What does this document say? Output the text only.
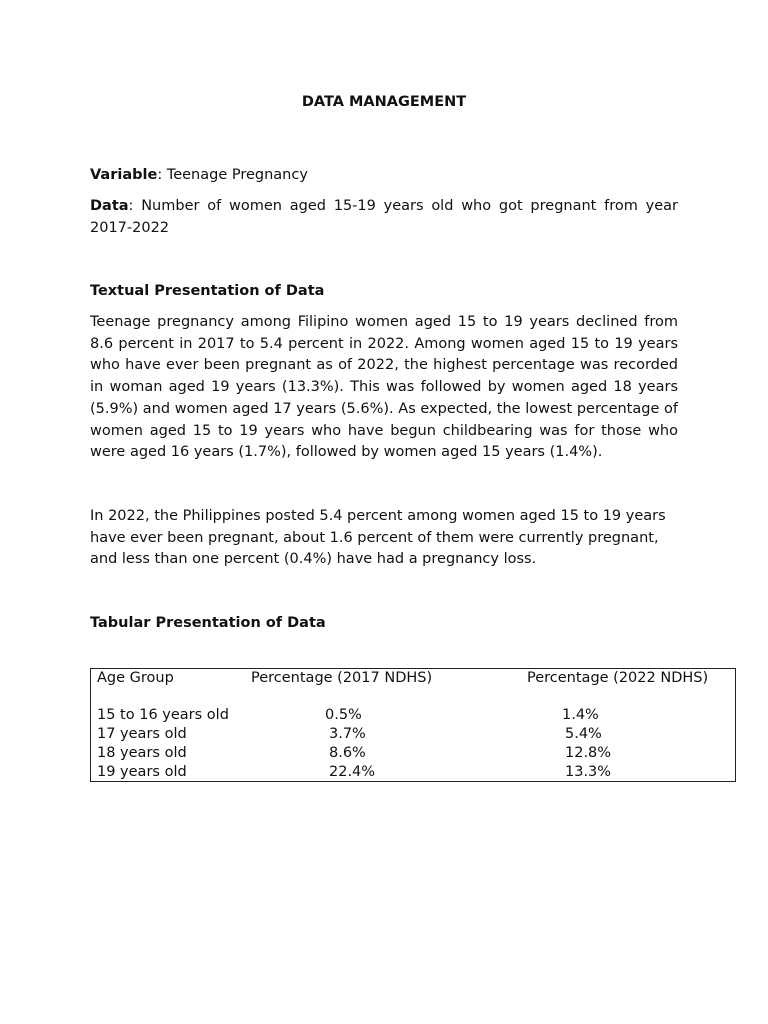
DATA MANAGEMENT
Variable: Teenage Pregnancy
Data: Number of women aged 15-19 years old who got pregnant from year 2017-2022
Textual Presentation of Data

Teenage pregnancy among Filipino women aged 15 to 19 years declined from 8.6 percent in 2017 to 5.4 percent in 2022. Among women aged 15 to 19 years who have ever been pregnant as of 2022, the highest percentage was recorded in woman aged 19 years (13.3%). This was followed by women aged 18 years (5.9%) and women aged 17 years (5.6%). As expected, the lowest percentage of women aged 15 to 19 years who have begun childbearing was for those who were aged 16 years (1.7%), followed by women aged 15 years (1.4%).

In 2022, the Philippines posted 5.4 percent among women aged 15 to 19 years have ever been pregnant, about 1.6 percent of them were currently pregnant, and less than one percent (0.4%) have had a pregnancy loss.

Tabular Presentation of Data
Age Group	Percentage (2017 NDHS)	Percentage (2022 NDHS)
15 to 16 years old	0.5%	1.4%
17 years old	3.7%	5.4%
18 years old	8.6%	12.8%
19 years old	22.4%	13.3%
